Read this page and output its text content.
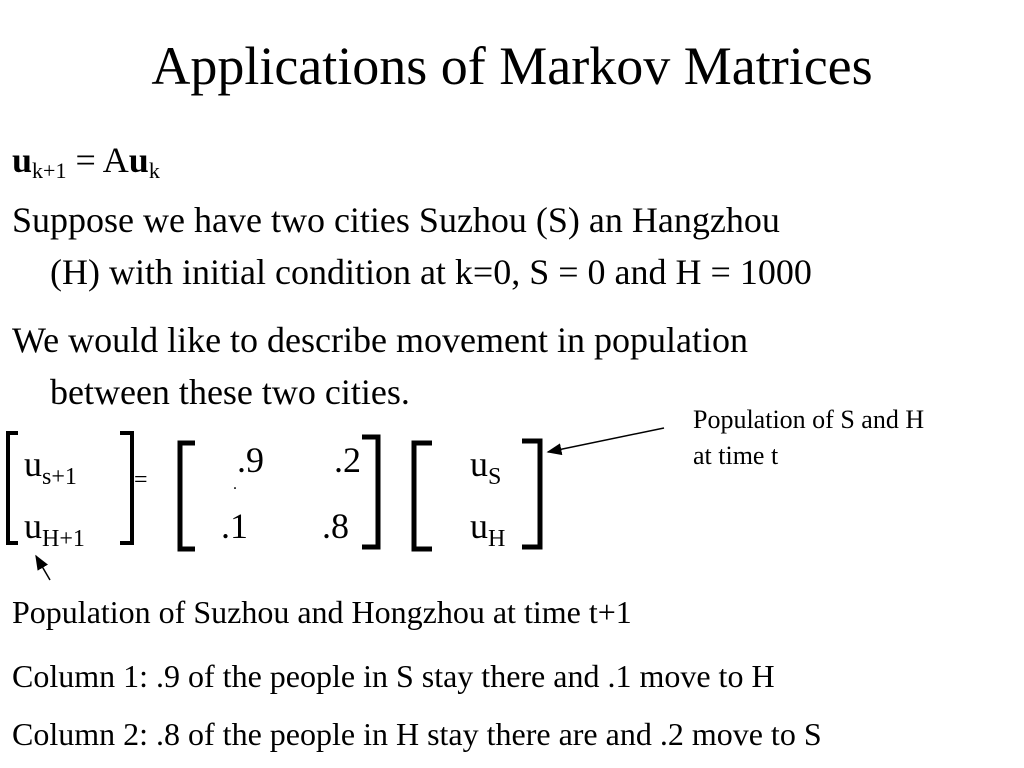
Applications of Markov Matrices
$u_{k+1} = Au_k$
Suppose we have two cities Suzhou (S) an Hangzhou
(H) with initial condition at k=0, S = 0 and H = 1000
We would like to describe movement in population
between these two cities.
$u_{s+1}$
$u_{H+1}$
=	.
.9 .2
.1 .8
$u_S$
$u_H$
Population of S and H
at time t
Population of Suzhou and Hongzhou at time t+1
Column 1: .9 of the people in S stay there and .1 move to H
Column 2: .8 of the people in H stay there are and .2 move to S
